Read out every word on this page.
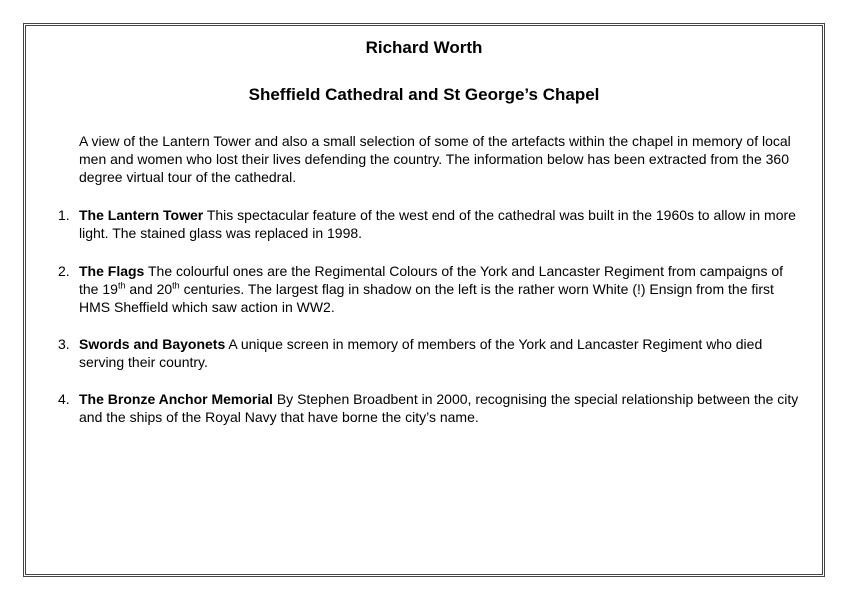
Richard Worth
Sheffield Cathedral and St George’s Chapel
A view of the Lantern Tower and also a small selection of some of the artefacts within the chapel in memory of local men and women who lost their lives defending the country. The information below has been extracted from the 360 degree virtual tour of the cathedral.
1. The Lantern Tower This spectacular feature of the west end of the cathedral was built in the 1960s to allow in more light. The stained glass was replaced in 1998.
2. The Flags The colourful ones are the Regimental Colours of the York and Lancaster Regiment from campaigns of the 19th and 20th centuries. The largest flag in shadow on the left is the rather worn White (!) Ensign from the first HMS Sheffield which saw action in WW2.
3. Swords and Bayonets A unique screen in memory of members of the York and Lancaster Regiment who died serving their country.
4. The Bronze Anchor Memorial By Stephen Broadbent in 2000, recognising the special relationship between the city and the ships of the Royal Navy that have borne the city’s name.
